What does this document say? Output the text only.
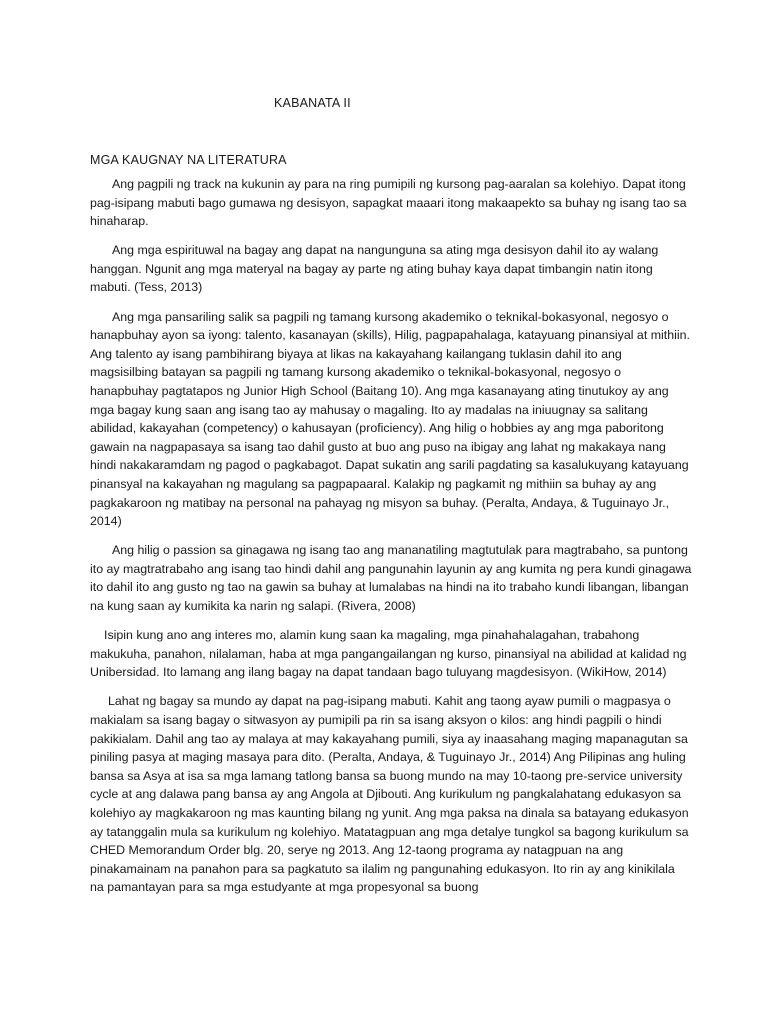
KABANATA II
MGA KAUGNAY NA LITERATURA

Ang pagpili ng track na kukunin ay para na ring pumipili ng kursong pag-aaralan sa kolehiyo. Dapat itong pag-isipang mabuti bago gumawa ng desisyon, sapagkat maaari itong makaapekto sa buhay ng isang tao sa hinaharap.

Ang mga espirituwal na bagay ang dapat na nangunguna sa ating mga desisyon dahil ito ay walang hanggan. Ngunit ang mga materyal na bagay ay parte ng ating buhay kaya dapat timbangin natin itong mabuti. (Tess, 2013)

Ang mga pansariling salik sa pagpili ng tamang kursong akademiko o teknikal-bokasyonal, negosyo o hanapbuhay ayon sa iyong: talento, kasanayan (skills), Hilig, pagpapahalaga, katayuang pinansiyal at mithiin. Ang talento ay isang pambihirang biyaya at likas na kakayahang kailangang tuklasin dahil ito ang magsisilbing batayan sa pagpili ng tamang kursong akademiko o teknikal-bokasyonal, negosyo o hanapbuhay pagtatapos ng Junior High School (Baitang 10). Ang mga kasanayang ating tinutukoy ay ang mga bagay kung saan ang isang tao ay mahusay o magaling. Ito ay madalas na iniuugnay sa salitang abilidad, kakayahan (competency) o kahusayan (proficiency). Ang hilig o hobbies ay ang mga paboritong gawain na nagpapasaya sa isang tao dahil gusto at buo ang puso na ibigay ang lahat ng makakaya nang hindi nakakaramdam ng pagod o pagkabagot. Dapat sukatin ang sarili pagdating sa kasalukuyang katayuang pinansyal na kakayahan ng magulang sa pagpapaaral. Kalakip ng pagkamit ng mithiin sa buhay ay ang pagkakaroon ng matibay na personal na pahayag ng misyon sa buhay. (Peralta, Andaya, & Tuguinayo Jr., 2014)

Ang hilig o passion sa ginagawa ng isang tao ang mananatiling magtutulak para magtrabaho, sa puntong ito ay magtratrabaho ang isang tao hindi dahil ang pangunahin layunin ay ang kumita ng pera kundi ginagawa ito dahil ito ang gusto ng tao na gawin sa buhay at lumalabas na hindi na ito trabaho kundi libangan, libangan na kung saan ay kumikita ka narin ng salapi. (Rivera, 2008)

Isipin kung ano ang interes mo, alamin kung saan ka magaling, mga pinahahalagahan, trabahong makukuha, panahon, nilalaman, haba at mga pangangailangan ng kurso, pinansiyal na abilidad at kalidad ng Unibersidad. Ito lamang ang ilang bagay na dapat tandaan bago tuluyang magdesisyon. (WikiHow, 2014)

Lahat ng bagay sa mundo ay dapat na pag-isipang mabuti. Kahit ang taong ayaw pumili o magpasya o makialam sa isang bagay o sitwasyon ay pumipili pa rin sa isang aksyon o kilos: ang hindi pagpili o hindi pakikialam. Dahil ang tao ay malaya at may kakayahang pumili, siya ay inaasahang maging mapanagutan sa piniling pasya at maging masaya para dito. (Peralta, Andaya, & Tuguinayo Jr., 2014) Ang Pilipinas ang huling bansa sa Asya at isa sa mga lamang tatlong bansa sa buong mundo na may 10-taong pre-service university cycle at ang dalawa pang bansa ay ang Angola at Djibouti. Ang kurikulum ng pangkalahatang edukasyon sa kolehiyo ay magkakaroon ng mas kaunting bilang ng yunit. Ang mga paksa na dinala sa batayang edukasyon ay tatanggalin mula sa kurikulum ng kolehiyo. Matatagpuan ang mga detalye tungkol sa bagong kurikulum sa CHED Memorandum Order blg. 20, serye ng 2013. Ang 12-taong programa ay natagpuan na ang pinakamainam na panahon para sa pagkatuto sa ilalim ng pangunahing edukasyon. Ito rin ay ang kinikilala na pamantayan para sa mga estudyante at mga propesyonal sa buong
